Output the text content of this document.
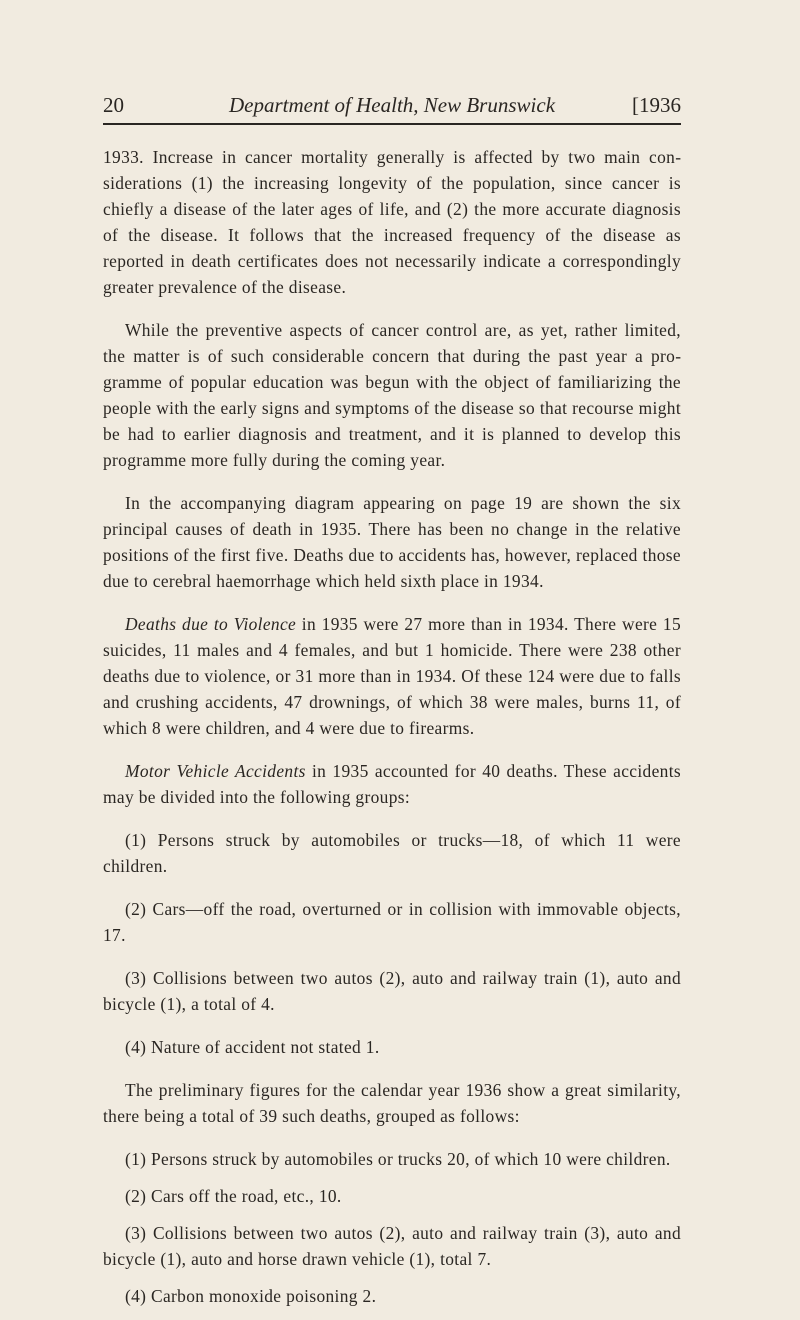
Department of Health, New Brunswick
20	[1936

1933. Increase in cancer mortality generally is affected by two main considerations (1) the increasing longevity of the population, since cancer is chiefly a disease of the later ages of life, and (2) the more accurate diagnosis of the disease. It follows that the increased frequency of the disease as reported in death certificates does not necessarily indicate a correspondingly greater prevalence of the disease.

While the preventive aspects of cancer control are, as yet, rather limited, the matter is of such considerable concern that during the past year a programme of popular education was begun with the object of familiarizing the people with the early signs and symptoms of the disease so that recourse might be had to earlier diagnosis and treatment, and it is planned to develop this programme more fully during the coming year.

In the accompanying diagram appearing on page 19 are shown the six principal causes of death in 1935. There has been no change in the relative positions of the first five. Deaths due to accidents has, however, replaced those due to cerebral haemorrhage which held sixth place in 1934.

Deaths due to Violence in 1935 were 27 more than in 1934. There were 15 suicides, 11 males and 4 females, and but 1 homicide. There were 238 other deaths due to violence, or 31 more than in 1934. Of these 124 were due to falls and crushing accidents, 47 drownings, of which 38 were males, burns 11, of which 8 were children, and 4 were due to firearms.

Motor Vehicle Accidents in 1935 accounted for 40 deaths. These accidents may be divided into the following groups:

(1) Persons struck by automobiles or trucks—18, of which 11 were children.

(2) Cars—off the road, overturned or in collision with immovable objects, 17.

(3) Collisions between two autos (2), auto and railway train (1), auto and bicycle (1), a total of 4.

(4) Nature of accident not stated 1.

The preliminary figures for the calendar year 1936 show a great similarity, there being a total of 39 such deaths, grouped as follows:

(1) Persons struck by automobiles or trucks 20, of which 10 were children.

(2) Cars off the road, etc., 10.

(3) Collisions between two autos (2), auto and railway train (3), auto and bicycle (1), auto and horse drawn vehicle (1), total 7.

(4) Carbon monoxide poisoning 2.
